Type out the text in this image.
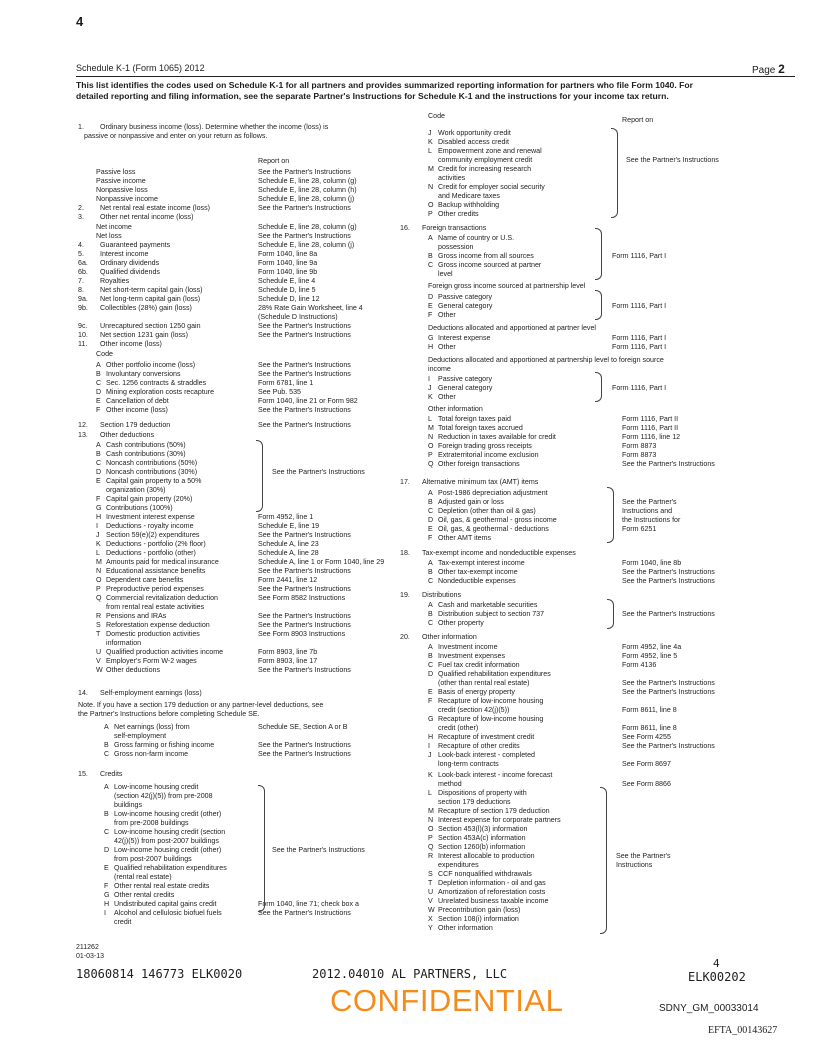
4
Schedule K-1 (Form 1065) 2012	Page 2
This list identifies the codes used on Schedule K-1 for all partners and provides summarized reporting information for partners who file Form 1040. For detailed reporting and filing information, see the separate Partner's Instructions for Schedule K-1 and the instructions for your income tax return.
1. Ordinary business income (loss). Determine whether the income (loss) is
passive or nonpassive and enter on your return as follows.
Report on
Passive loss	See the Partner's Instructions
Passive income	Schedule E, line 28, column (g)
Nonpassive loss	Schedule E, line 28, column (h)
Nonpassive income	Schedule E, line 28, column (j)
2. Net rental real estate income (loss)	See the Partner's Instructions
3. Other net rental income (loss)
Net income	Schedule E, line 28, column (g)
Net loss	See the Partner's Instructions
4. Guaranteed payments	Schedule E, line 28, column (j)
5. Interest income	Form 1040, line 8a
6a. Ordinary dividends	Form 1040, line 9a
6b. Qualified dividends	Form 1040, line 9b
7. Royalties	Schedule E, line 4
8. Net short-term capital gain (loss)	Schedule D, line 5
9a. Net long-term capital gain (loss)	Schedule D, line 12
9b. Collectibles (28%) gain (loss)	28% Rate Gain Worksheet, line 4
(Schedule D Instructions)
9c. Unrecaptured section 1250 gain	See the Partner's Instructions
10. Net section 1231 gain (loss)	See the Partner's Instructions
11. Other income (loss)
Code
A Other portfolio income (loss)	See the Partner's Instructions
B Involuntary conversions	See the Partner's Instructions
C Sec. 1256 contracts & straddles	Form 6781, line 1
D Mining exploration costs recapture	See Pub. 535
E Cancellation of debt	Form 1040, line 21 or Form 982
F Other income (loss)	See the Partner's Instructions
12. Section 179 deduction	See the Partner's Instructions
13. Other deductions
A Cash contributions (50%)
B Cash contributions (30%)
C Noncash contributions (50%)
D Noncash contributions (30%)	See the Partner's Instructions
E Capital gain property to a 50%
organization (30%)
F Capital gain property (20%)
G Contributions (100%)
H Investment interest expense	Form 4952, line 1
I Deductions - royalty income	Schedule E, line 19
J Section 59(e)(2) expenditures	See the Partner's Instructions
K Deductions - portfolio (2% floor)	Schedule A, line 23
L Deductions - portfolio (other)	Schedule A, line 28
M Amounts paid for medical insurance	Schedule A, line 1 or Form 1040, line 29
N Educational assistance benefits	See the Partner's Instructions
O Dependent care benefits	Form 2441, line 12
P Preproductive period expenses	See the Partner's Instructions
Q Commercial revitalization deduction	See Form 8582 Instructions
from rental real estate activities
R Pensions and IRAs	See the Partner's Instructions
S Reforestation expense deduction	See the Partner's Instructions
T Domestic production activities	See Form 8903 Instructions
information
U Qualified production activities income	Form 8903, line 7b
V Employer's Form W-2 wages	Form 8903, line 17
W Other deductions	See the Partner's Instructions
14. Self-employment earnings (loss)
Note. If you have a section 179 deduction or any partner-level deductions, see
the Partner's Instructions before completing Schedule SE.
A Net earnings (loss) from	Schedule SE, Section A or B
self-employment
B Gross farming or fishing income	See the Partner's Instructions
C Gross non-farm income	See the Partner's Instructions
15. Credits
A Low-income housing credit
(section 42(j)(5)) from pre-2008
buildings
B Low-income housing credit (other)
from pre-2008 buildings
C Low-income housing credit (section
42(j)(5)) from post-2007 buildings
D Low-income housing credit (other)	See the Partner's Instructions
from post-2007 buildings
E Qualified rehabilitation expenditures
(rental real estate)
F Other rental real estate credits
G Other rental credits
H Undistributed capital gains credit	Form 1040, line 71; check box a
I Alcohol and cellulosic biofuel fuels	See the Partner's Instructions
credit
Code	Report on
J Work opportunity credit
K Disabled access credit
L Empowerment zone and renewal
community employment credit	See the Partner's Instructions
M Credit for increasing research
activities
N Credit for employer social security
and Medicare taxes
O Backup withholding
P Other credits
16. Foreign transactions
A Name of country or U.S.
possession
B Gross income from all sources	Form 1116, Part I
C Gross income sourced at partner
level
Foreign gross income sourced at partnership level
D Passive category
E General category	Form 1116, Part I
F Other
Deductions allocated and apportioned at partner level
G Interest expense	Form 1116, Part I
H Other	Form 1116, Part I
Deductions allocated and apportioned at partnership level to foreign source
income
I Passive category
J General category	Form 1116, Part I
K Other
Other information
L Total foreign taxes paid	Form 1116, Part II
M Total foreign taxes accrued	Form 1116, Part II
N Reduction in taxes available for credit	Form 1116, line 12
O Foreign trading gross receipts	Form 8873
P Extraterritorial income exclusion	Form 8873
Q Other foreign transactions	See the Partner's Instructions
17. Alternative minimum tax (AMT) items
A Post-1986 depreciation adjustment
B Adjusted gain or loss	See the Partner's
C Depletion (other than oil & gas)	Instructions and
D Oil, gas, & geothermal - gross income	the Instructions for
E Oil, gas, & geothermal - deductions	Form 6251
F Other AMT items
18. Tax-exempt income and nondeductible expenses
A Tax-exempt interest income	Form 1040, line 8b
B Other tax-exempt income	See the Partner's Instructions
C Nondeductible expenses	See the Partner's Instructions
19. Distributions
A Cash and marketable securities
B Distribution subject to section 737	See the Partner's Instructions
C Other property
20. Other information
A Investment income	Form 4952, line 4a
B Investment expenses	Form 4952, line 5
C Fuel tax credit information	Form 4136
D Qualified rehabilitation expenditures
(other than rental real estate)	See the Partner's Instructions
E Basis of energy property	See the Partner's Instructions
F Recapture of low-income housing
credit (section 42(j)(5))	Form 8611, line 8
G Recapture of low-income housing
credit (other)	Form 8611, line 8
H Recapture of investment credit	See Form 4255
I Recapture of other credits	See the Partner's Instructions
J Look-back interest - completed
long-term contracts	See Form 8697
K Look-back interest - income forecast
method	See Form 8866
L Dispositions of property with
section 179 deductions
M Recapture of section 179 deduction
N Interest expense for corporate partners
O Section 453(l)(3) information
P Section 453A(c) information
Q Section 1260(b) information
R Interest allocable to production	See the Partner's
expenditures	Instructions
S CCF nonqualified withdrawals
T Depletion information - oil and gas
U Amortization of reforestation costs
V Unrelated business taxable income
W Precontribution gain (loss)
X Section 108(i) information
Y Other information
211262
01-03-13
18060814 146773 ELK0020	2012.04010 AL PARTNERS, LLC
4
ELK00202
CONFIDENTIAL	SDNY_GM_00033014
EFTA_00143627
